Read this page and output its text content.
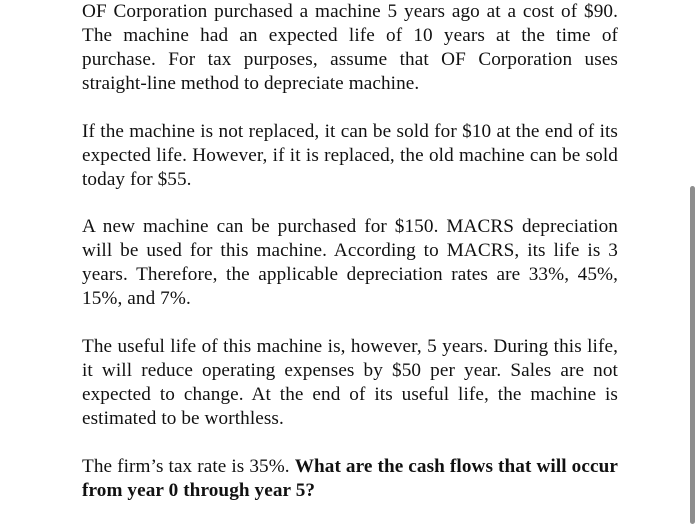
OF Corporation purchased a machine 5 years ago at a cost of $90. The machine had an expected life of 10 years at the time of purchase. For tax purposes, assume that OF Corporation uses straight-line method to depreciate machine.

If the machine is not replaced, it can be sold for $10 at the end of its expected life. However, if it is replaced, the old machine can be sold today for $55.

A new machine can be purchased for $150. MACRS depreciation will be used for this machine. According to MACRS, its life is 3 years. Therefore, the applicable depreciation rates are 33%, 45%, 15%, and 7%.

The useful life of this machine is, however, 5 years. During this life, it will reduce operating expenses by $50 per year. Sales are not expected to change. At the end of its useful life, the machine is estimated to be worthless.

The firm’s tax rate is 35%. What are the cash flows that will occur from year 0 through year 5?
